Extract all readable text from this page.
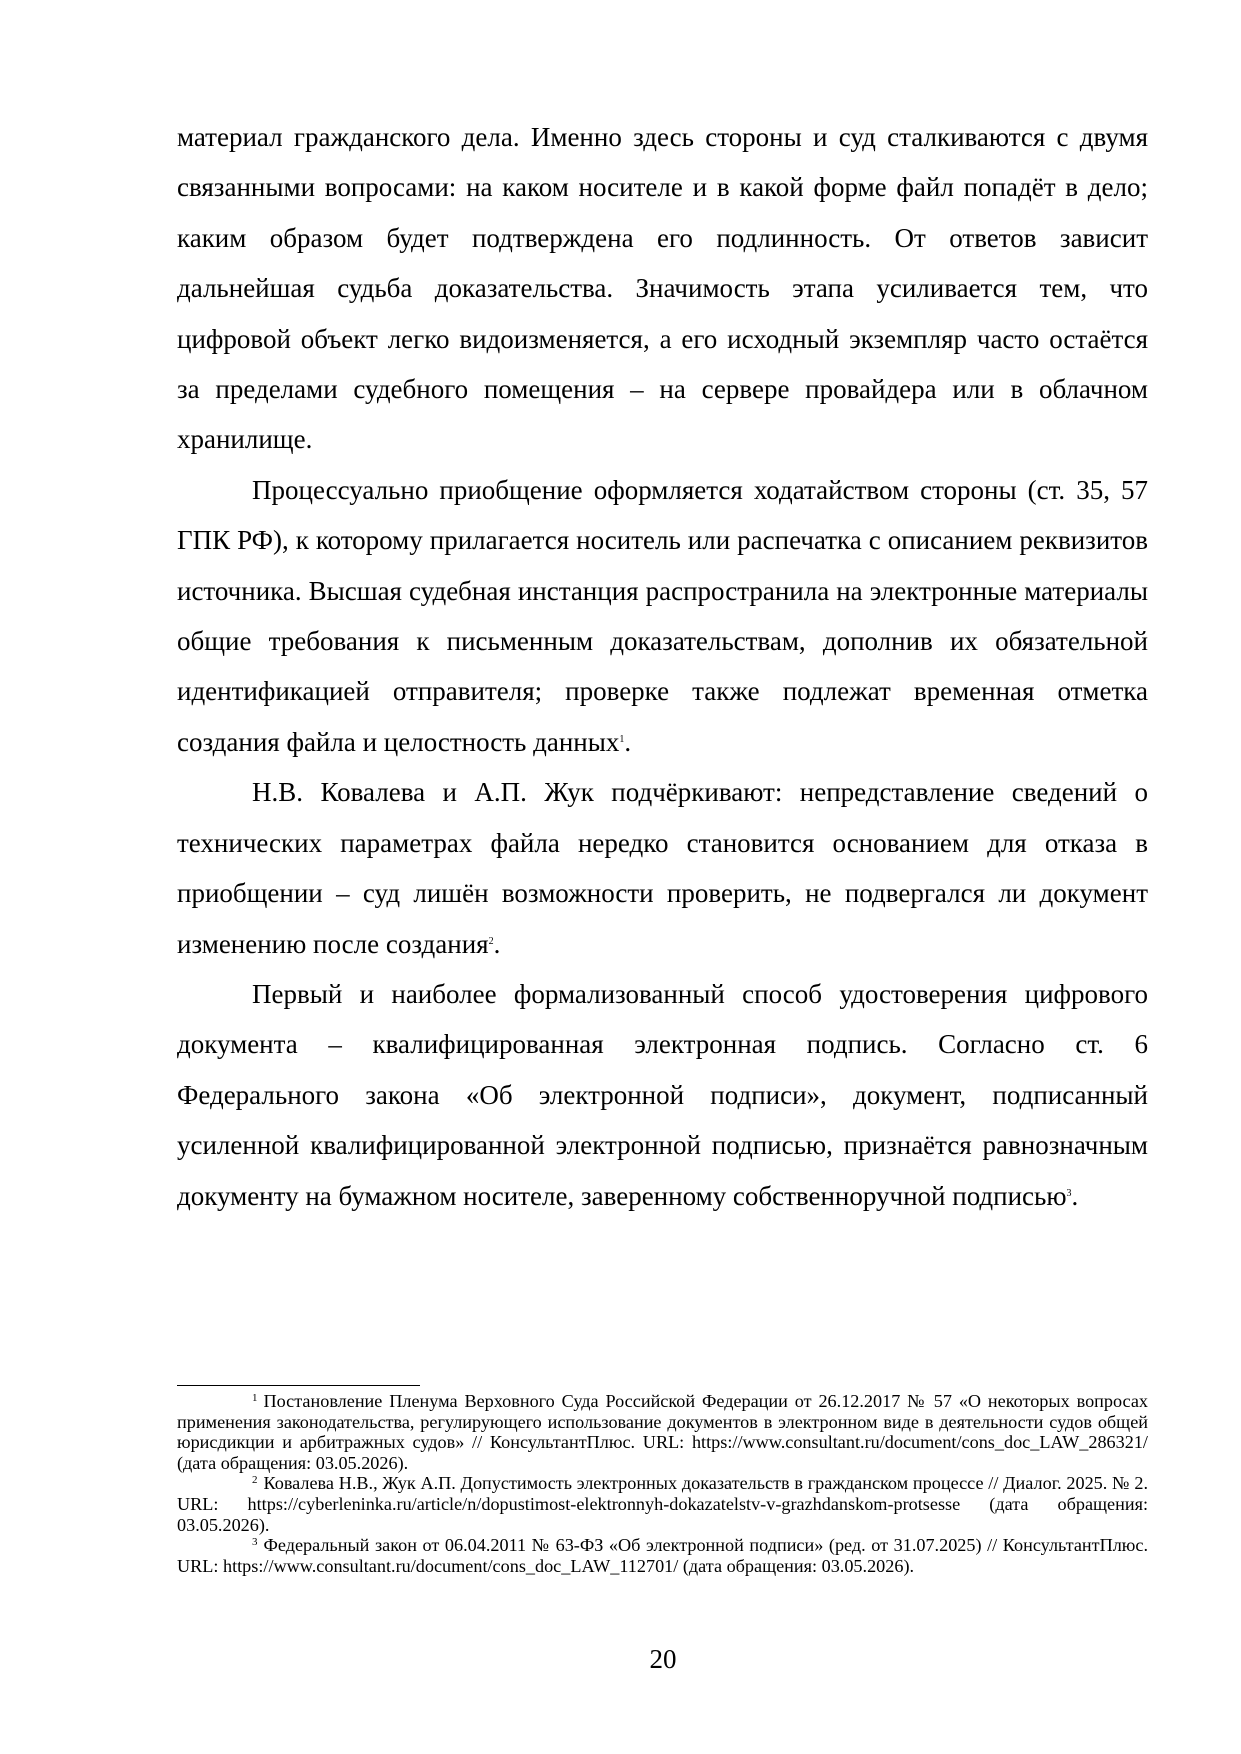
материал гражданского дела. Именно здесь стороны и суд сталкиваются с двумя связанными вопросами: на каком носителе и в какой форме файл попадёт в дело; каким образом будет подтверждена его подлинность. От ответов зависит дальнейшая судьба доказательства. Значимость этапа усиливается тем, что цифровой объект легко видоизменяется, а его исходный экземпляр часто остаётся за пределами судебного помещения – на сервере провайдера или в облачном хранилище.

Процессуально приобщение оформляется ходатайством стороны (ст. 35, 57 ГПК РФ), к которому прилагается носитель или распечатка с описанием реквизитов источника. Высшая судебная инстанция распространила на электронные материалы общие требования к письменным доказательствам, дополнив их обязательной идентификацией отправителя; проверке также подлежат временная отметка создания файла и целостность данных$^1$.

Н.В. Ковалева и А.П. Жук подчёркивают: непредставление сведений о технических параметрах файла нередко становится основанием для отказа в приобщении – суд лишён возможности проверить, не подвергался ли документ изменению после создания$^2$.

Первый и наиболее формализованный способ удостоверения цифрового документа – квалифицированная электронная подпись. Согласно ст. 6 Федерального закона «Об электронной подписи», документ, подписанный усиленной квалифицированной электронной подписью, признаётся равнозначным документу на бумажном носителе, заверенному собственноручной подписью$^3$.

$^1$ Постановление Пленума Верховного Суда Российской Федерации от 26.12.2017 № 57 «О некоторых вопросах применения законодательства, регулирующего использование документов в электронном виде в деятельности судов общей юрисдикции и арбитражных судов» // КонсультантПлюс. URL: https://www.consultant.ru/document/cons_doc_LAW_286321/ (дата обращения: 03.05.2026).

$^2$ Ковалева Н.В., Жук А.П. Допустимость электронных доказательств в гражданском процессе // Диалог. 2025. № 2. URL: https://cyberleninka.ru/article/n/dopustimost-elektronnyh-dokazatelstv-v-grazhdanskom-protsesse (дата обращения: 03.05.2026).

$^3$ Федеральный закон от 06.04.2011 № 63-ФЗ «Об электронной подписи» (ред. от 31.07.2025) // КонсультантПлюс. URL: https://www.consultant.ru/document/cons_doc_LAW_112701/ (дата обращения: 03.05.2026).

20
